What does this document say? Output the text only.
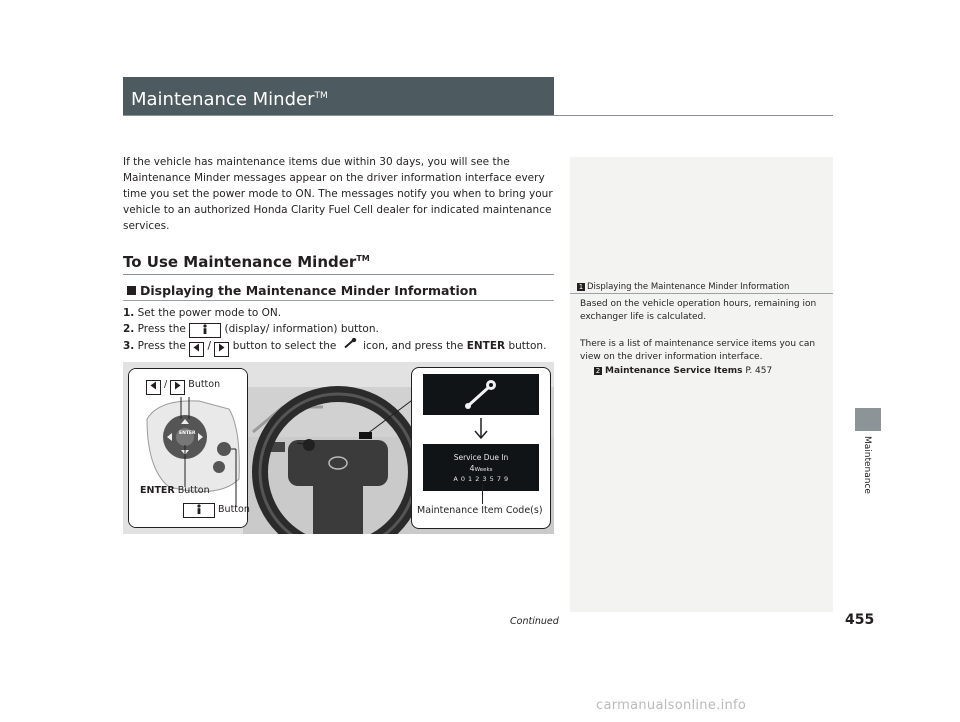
Maintenance Minder™
Maintenance
1 Displaying the Maintenance Minder Information
Based on the vehicle operation hours, remaining ion exchanger life is calculated.
There is a list of maintenance service items you can view on the driver information interface.
2 Maintenance Service Items P. 457
If the vehicle has maintenance items due within 30 days, you will see the Maintenance Minder messages appear on the driver information interface every time you set the power mode to ON. The messages notify you when to bring your vehicle to an authorized Honda Clarity Fuel Cell dealer for indicated maintenance services.
To Use Maintenance Minder™
Displaying the Maintenance Minder Information
1. Set the power mode to ON.
2. Press the	(display/ information) button.
3. Press the / button to select the	icon, and press the ENTER button.
ENTER
/ Button
ENTER Button
Button
Service Due In
4Weeks
A 0 1 2 3 5 7 9
Maintenance Item Code(s)
Continued	455
carmanualsonline.info
